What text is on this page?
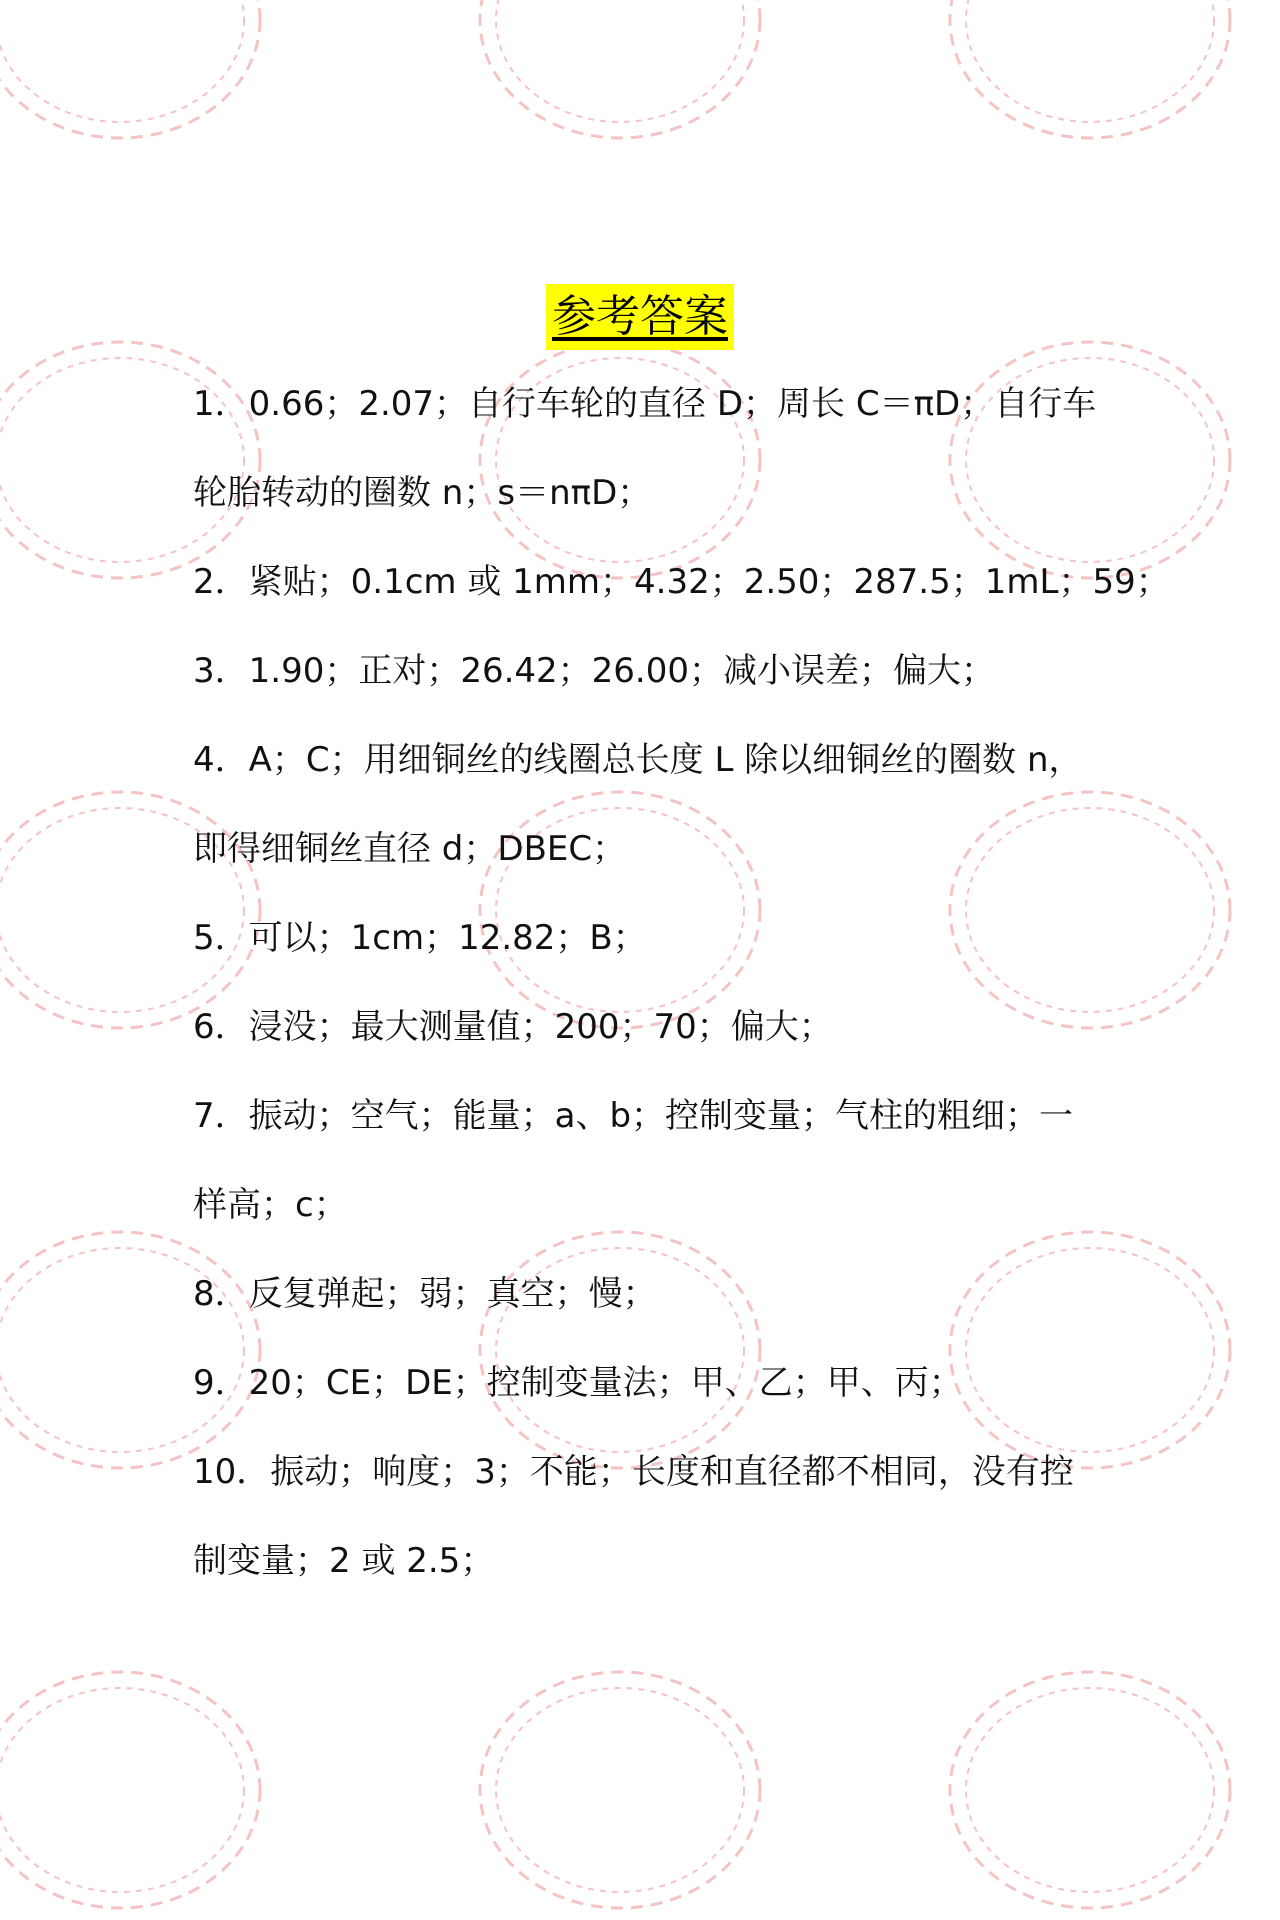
参考答案
1．0.66；2.07；自行车轮的直径 D；周长 C＝πD；自行车
轮胎转动的圈数 n；s＝nπD；
2．紧贴；0.1cm 或 1mm；4.32；2.50；287.5；1mL；59；
3．1.90；正对；26.42；26.00；减小误差；偏大；
4．A；C；用细铜丝的线圈总长度 L 除以细铜丝的圈数 n，
即得细铜丝直径 d；DBEC；
5．可以；1cm；12.82；B；
6．浸没；最大测量值；200；70；偏大；
7．振动；空气；能量；a、b；控制变量；气柱的粗细；一
样高；c；
8．反复弹起；弱；真空；慢；
9．20；CE；DE；控制变量法；甲、乙；甲、丙；
10．振动；响度；3；不能；长度和直径都不相同，没有控
制变量；2 或 2.5；
